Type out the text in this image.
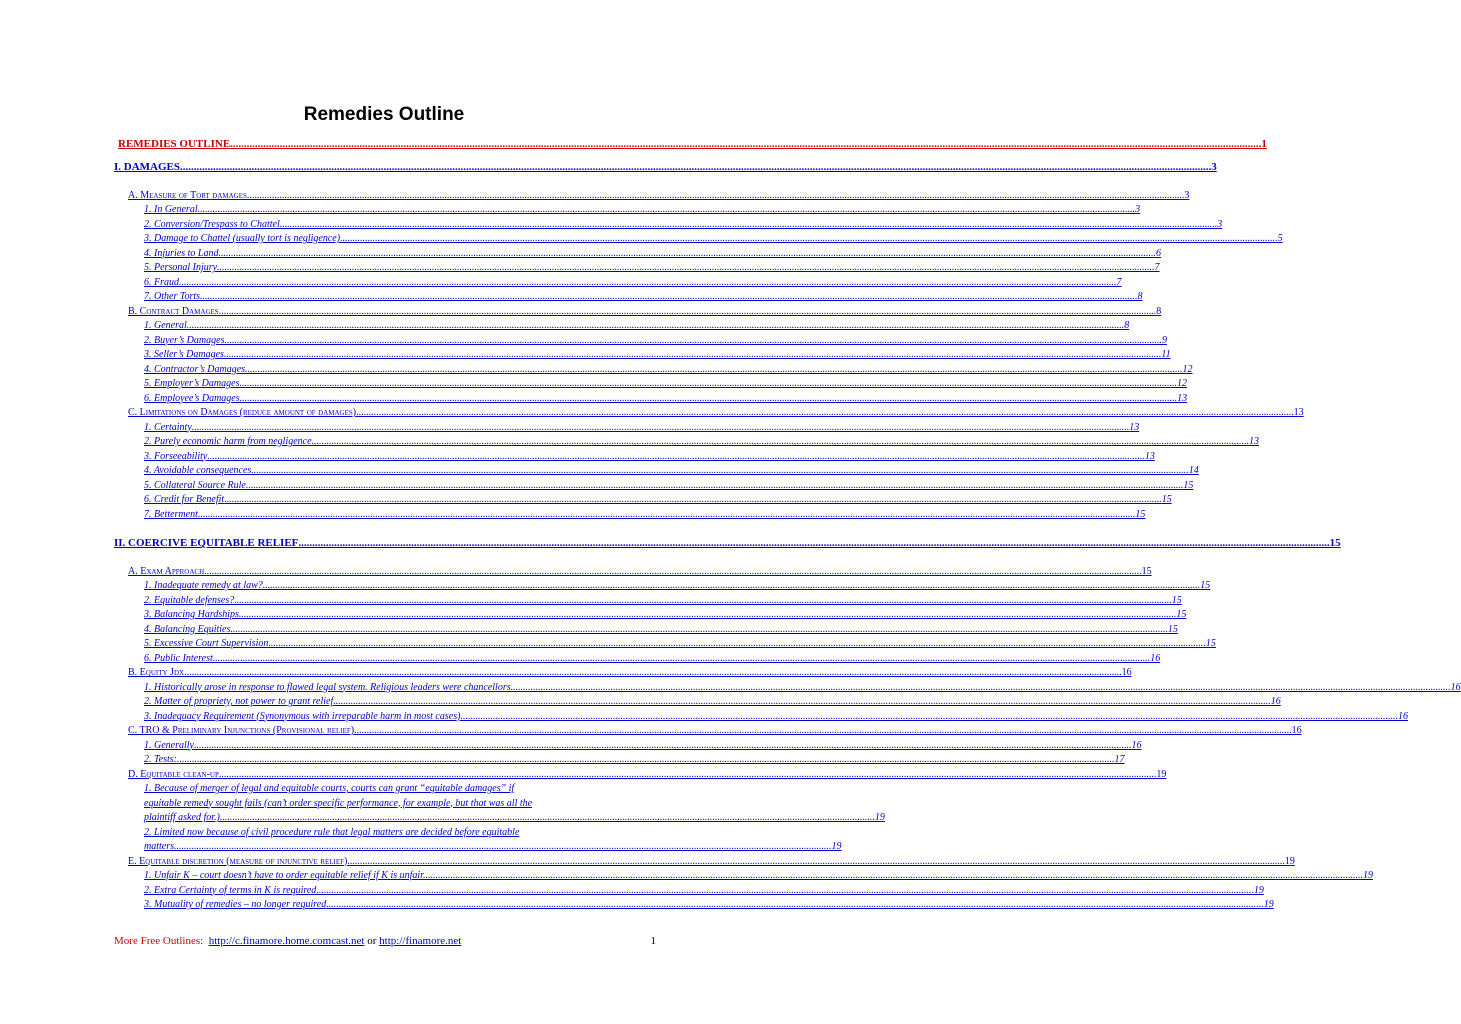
Remedies Outline
REMEDIES OUTLINE .....	1
I. DAMAGES .....	3
A. Measure of Tort damages .....	3
1. In General .....	3
2. Conversion/Trespass to Chattel .....	3
3. Damage to Chattel (usually tort is negligence) .....	5
4. Injuries to Land .....	6
5. Personal Injury .....	7
6. Fraud .....	7
7. Other Torts .....	8
B. Contract Damages .....	8
1. General .....	8
2. Buyer’s Damages .....	9
3. Seller’s Damages .....	11
4. Contractor’s Damages .....	12
5. Employer’s Damages .....	12
6. Employee’s Damages .....	13
C. Limitations on Damages (reduce amount of damages) .....	13
1. Certainty .....	13
2. Purely economic harm from negligence .....	13
3. Forseeability .....	13
4. Avoidable consequences .....	14
5. Collateral Source Rule .....	15
6. Credit for Benefit .....	15
7. Betterment .....	15
II. COERCIVE EQUITABLE RELIEF .....	15
A. Exam Approach .....	15
1. Inadequate remedy at law? .....	15
2. Equitable defenses? .....	15
3. Balancing Hardships .....	15
4. Balancing Equities .....	15
5. Excessive Court Supervision .....	15
6. Public Interest .....	16
B. Equity Jdx .....	16
1. Historically arose in response to flawed legal system. Religious leaders were chancellors. .....	16
2. Matter of propriety, not power to grant relief .....	16
3. Inadequacy Requirement (Synonymous with irreparable harm in most cases) .....	16
C. TRO & Preliminary Injunctions (Provisional relief) .....	16
1. Generally .....	16
2. Tests: .....	17
D. Equitable clean-up .....	19
1. Because of merger of legal and equitable courts, courts can grant “equitable damages” if
equitable remedy sought fails (can’t order specific performance, for example, but that was all the
plaintiff asked for.) .....	19
2. Limited now because of civil procedure rule that legal matters are decided before equitable
matters. .....	19
E. Equitable discretion (measure of injunctive relief) .....	19
1. Unfair K – court doesn’t have to order equitable relief if K is unfair. .....	19
2. Extra Certainty of terms in K is required .....	19
3. Mutuality of remedies – no longer required .....	19
More Free Outlines:
http://c.finamore.home.comcast.net
or
http://finamore.net	1
